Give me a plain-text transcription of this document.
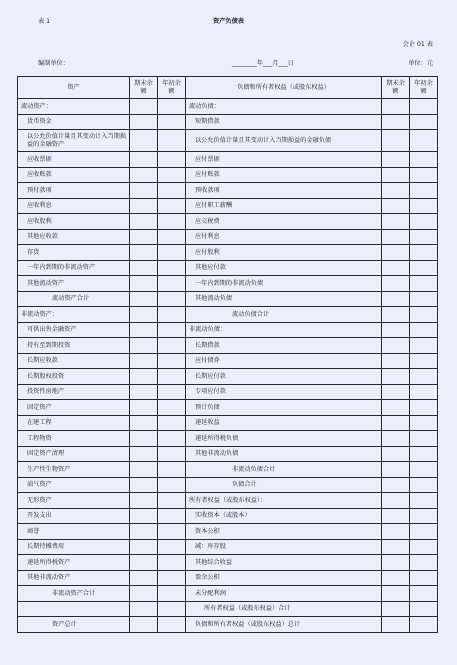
表 1	资产负债表
会企 01 表
编制单位：	________年___月___日	单位：元
资产	期末余额	年初余额	负债和所有者权益（或股东权益）	期末余额	年初余额
流动资产：			流动负债：		
货币资金			短期借款		
以公允价值计量且其变动计入当期损益的金融资产			以公允价值计量且其变动计入当期损益的金融负债		
应收票据			应付票据		
应收账款			应付账款		
预付款项			预收款项		
应收利息			应付职工薪酬		
应收股利			应交税费		
其他应收款			应付利息		
存货			应付股利		
一年内到期的非流动资产			其他应付款		
其他流动资产			一年内到期的非流动负债		
流动资产合计			其他流动负债		
非流动资产：			流动负债合计		
可供出售金融资产			非流动负债：		
持有至到期投资			长期借款		
长期应收款			应付债券		
长期股权投资			长期应付款		
投资性房地产			专项应付款		
固定资产			预计负债		
在建工程			递延收益		
工程物资			递延所得税负债		
固定资产清理			其他非流动负债		
生产性生物资产			非流动负债合计		
油气资产			负债合计		
无形资产			所有者权益（或股东权益）：		
开发支出			实收资本（或股本）		
商誉			资本公积		
长期待摊费用			减：库存股		
递延所得税资产			其他综合收益		
其他非流动资产			盈余公积		
非流动资产合计			未分配利润		
			所有者权益（或股东权益）合计		
资产总计			负债和所有者权益（或股东权益）总计		
